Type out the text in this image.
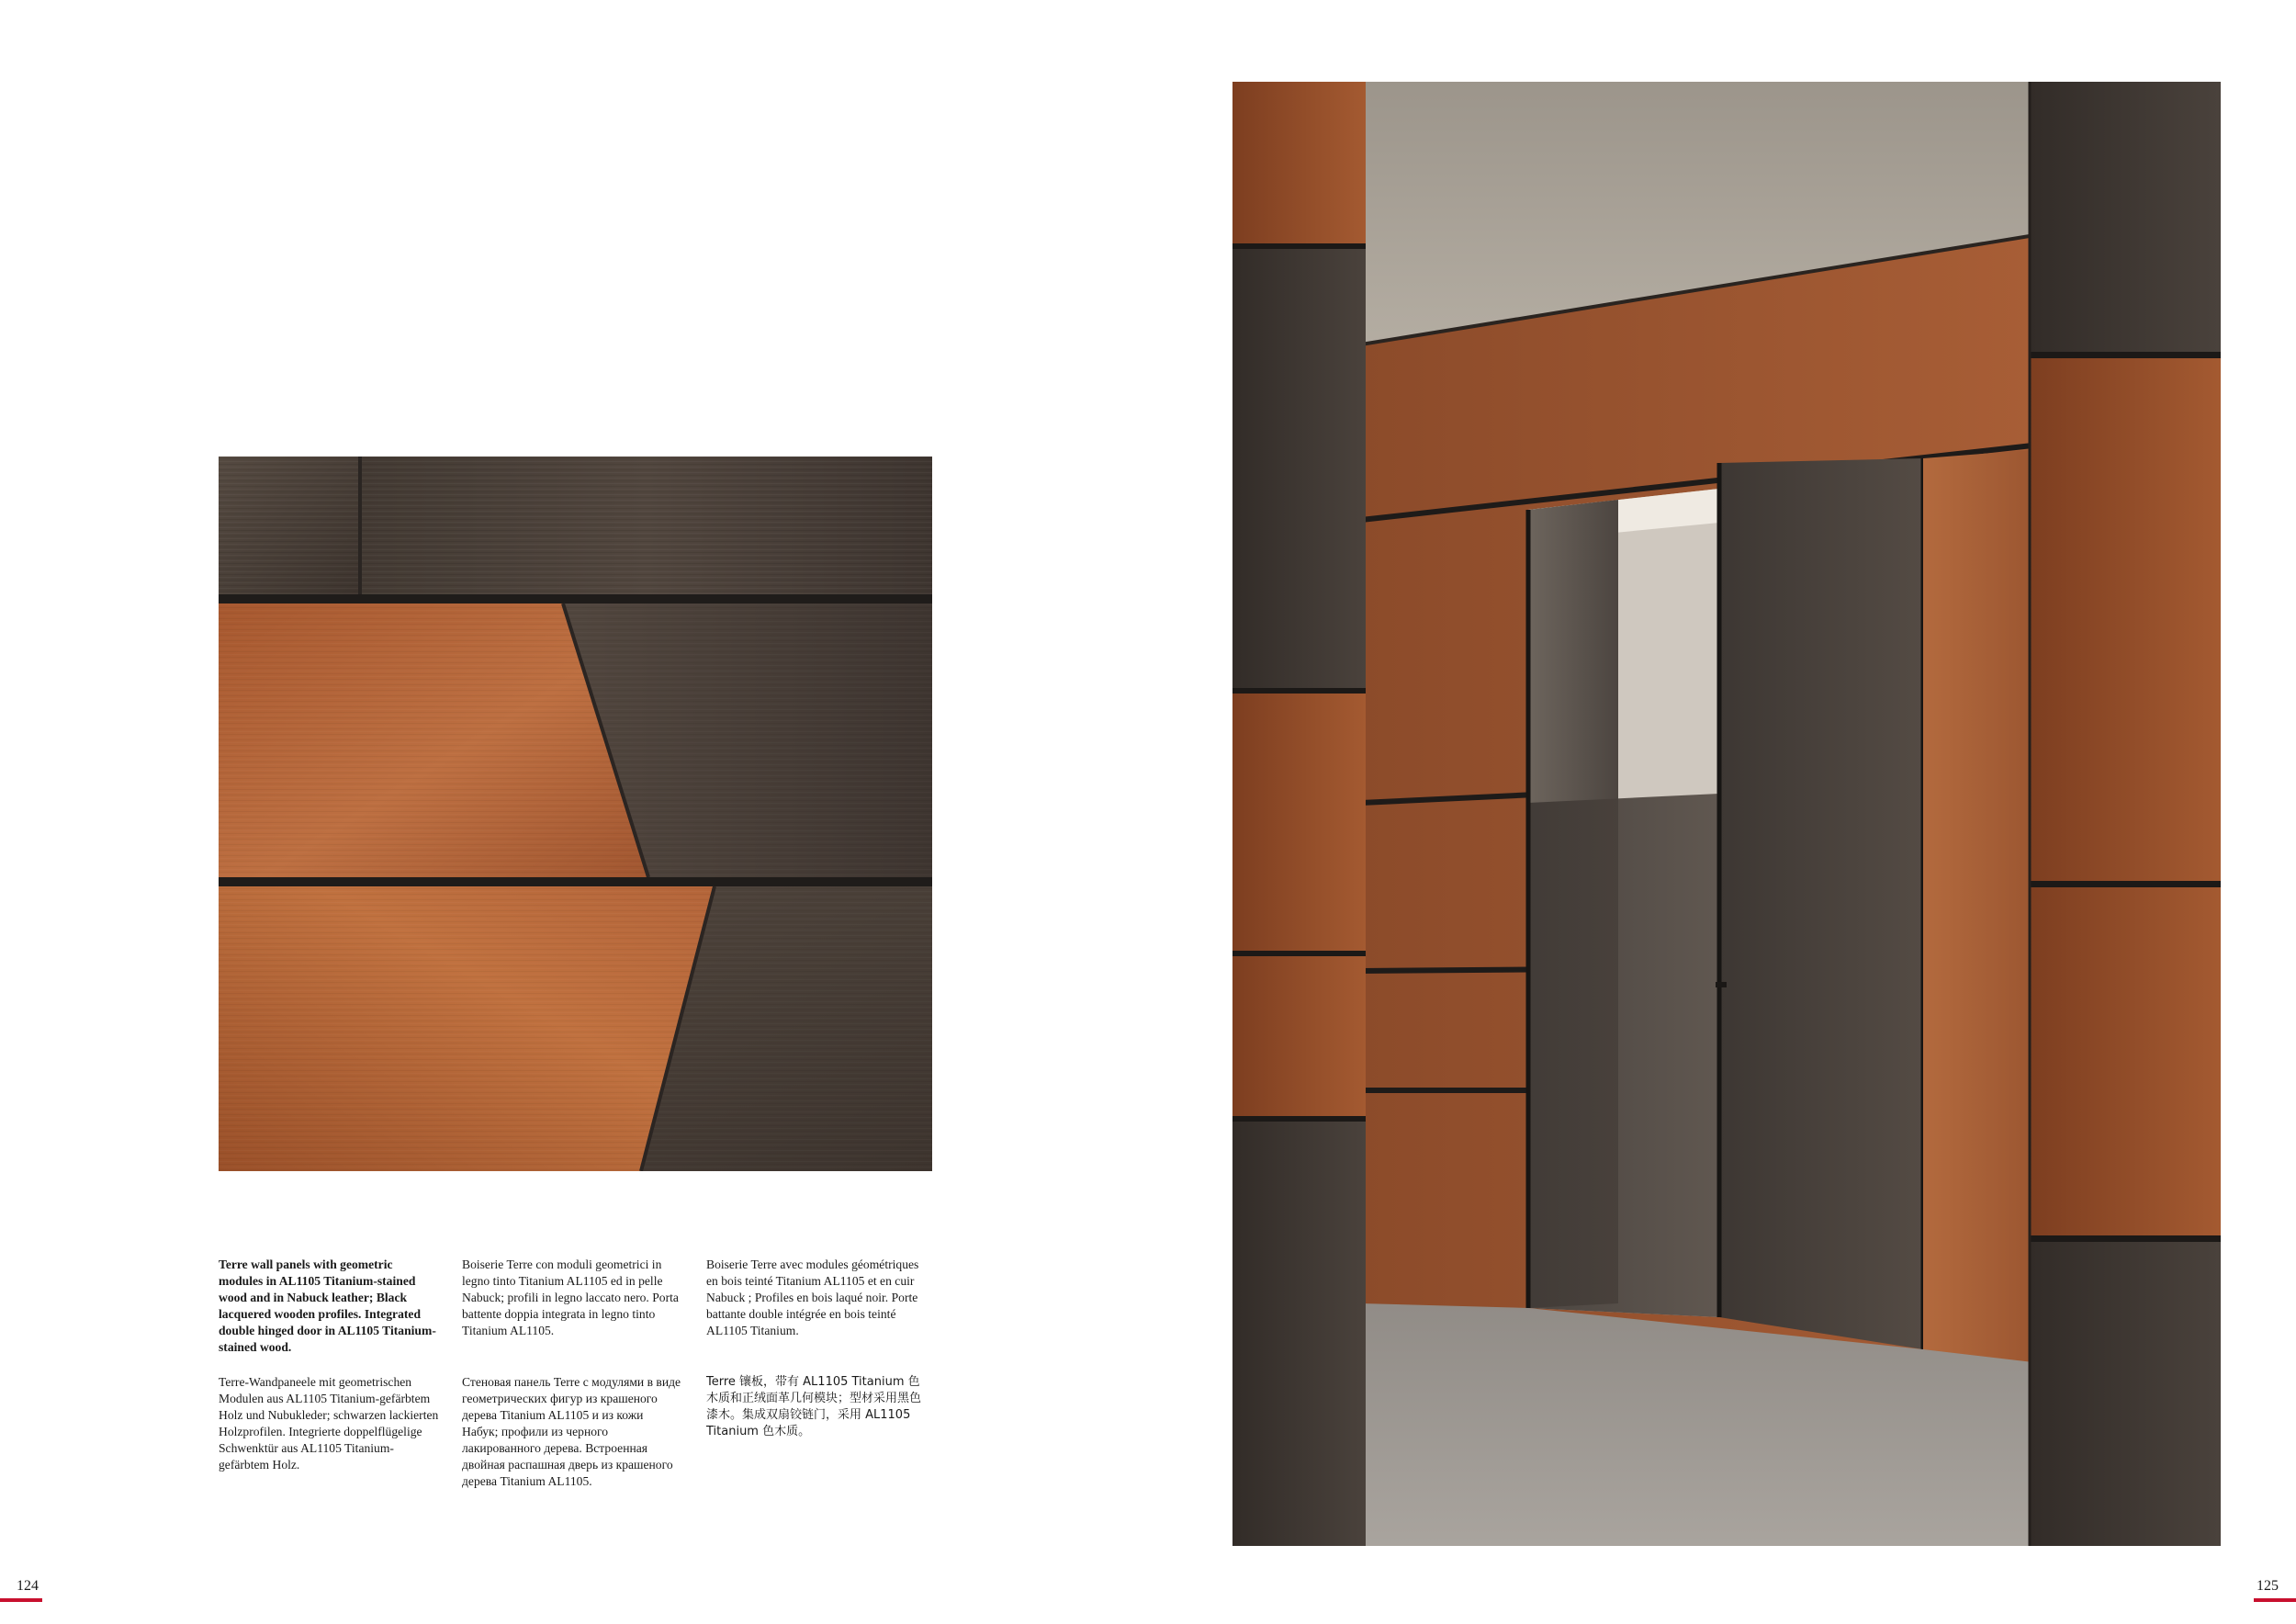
Terre wall panels with geometric modules in AL1105 Titanium-stained wood and in Nabuck leather; Black lacquered wooden profiles. Integrated double hinged door in AL1105 Titanium-stained wood.

Boiserie Terre con moduli geometrici in legno tinto Titanium AL1105 ed in pelle Nabuck; profili in legno laccato nero. Porta battente doppia integrata in legno tinto Titanium AL1105.

Boiserie Terre avec modules géométriques en bois teinté Titanium AL1105 et en cuir Nabuck ; Profiles en bois laqué noir. Porte battante double intégrée en bois teinté AL1105 Titanium.

Terre-Wandpaneele mit geometrischen Modulen aus AL1105 Titanium-gefärbtem Holz und Nubukleder; schwarzen lackierten Holzprofilen. Integrierte doppelflügelige Schwenktür aus AL1105 Titanium-gefärbtem Holz.

Стеновая панель Terre с модулями в виде геометрических фигур из крашеного дерева Titanium AL1105 и из кожи Набук; профили из черного лакированного дерева. Встроенная двойная распашная дверь из крашеного дерева Titanium AL1105.

Terre 镶板，带有 AL1105 Titanium 色木质和正绒面革几何模块；型材采用黑色漆木。集成双扇铰链门，采用 AL1105 Titanium 色木质。

124	125
